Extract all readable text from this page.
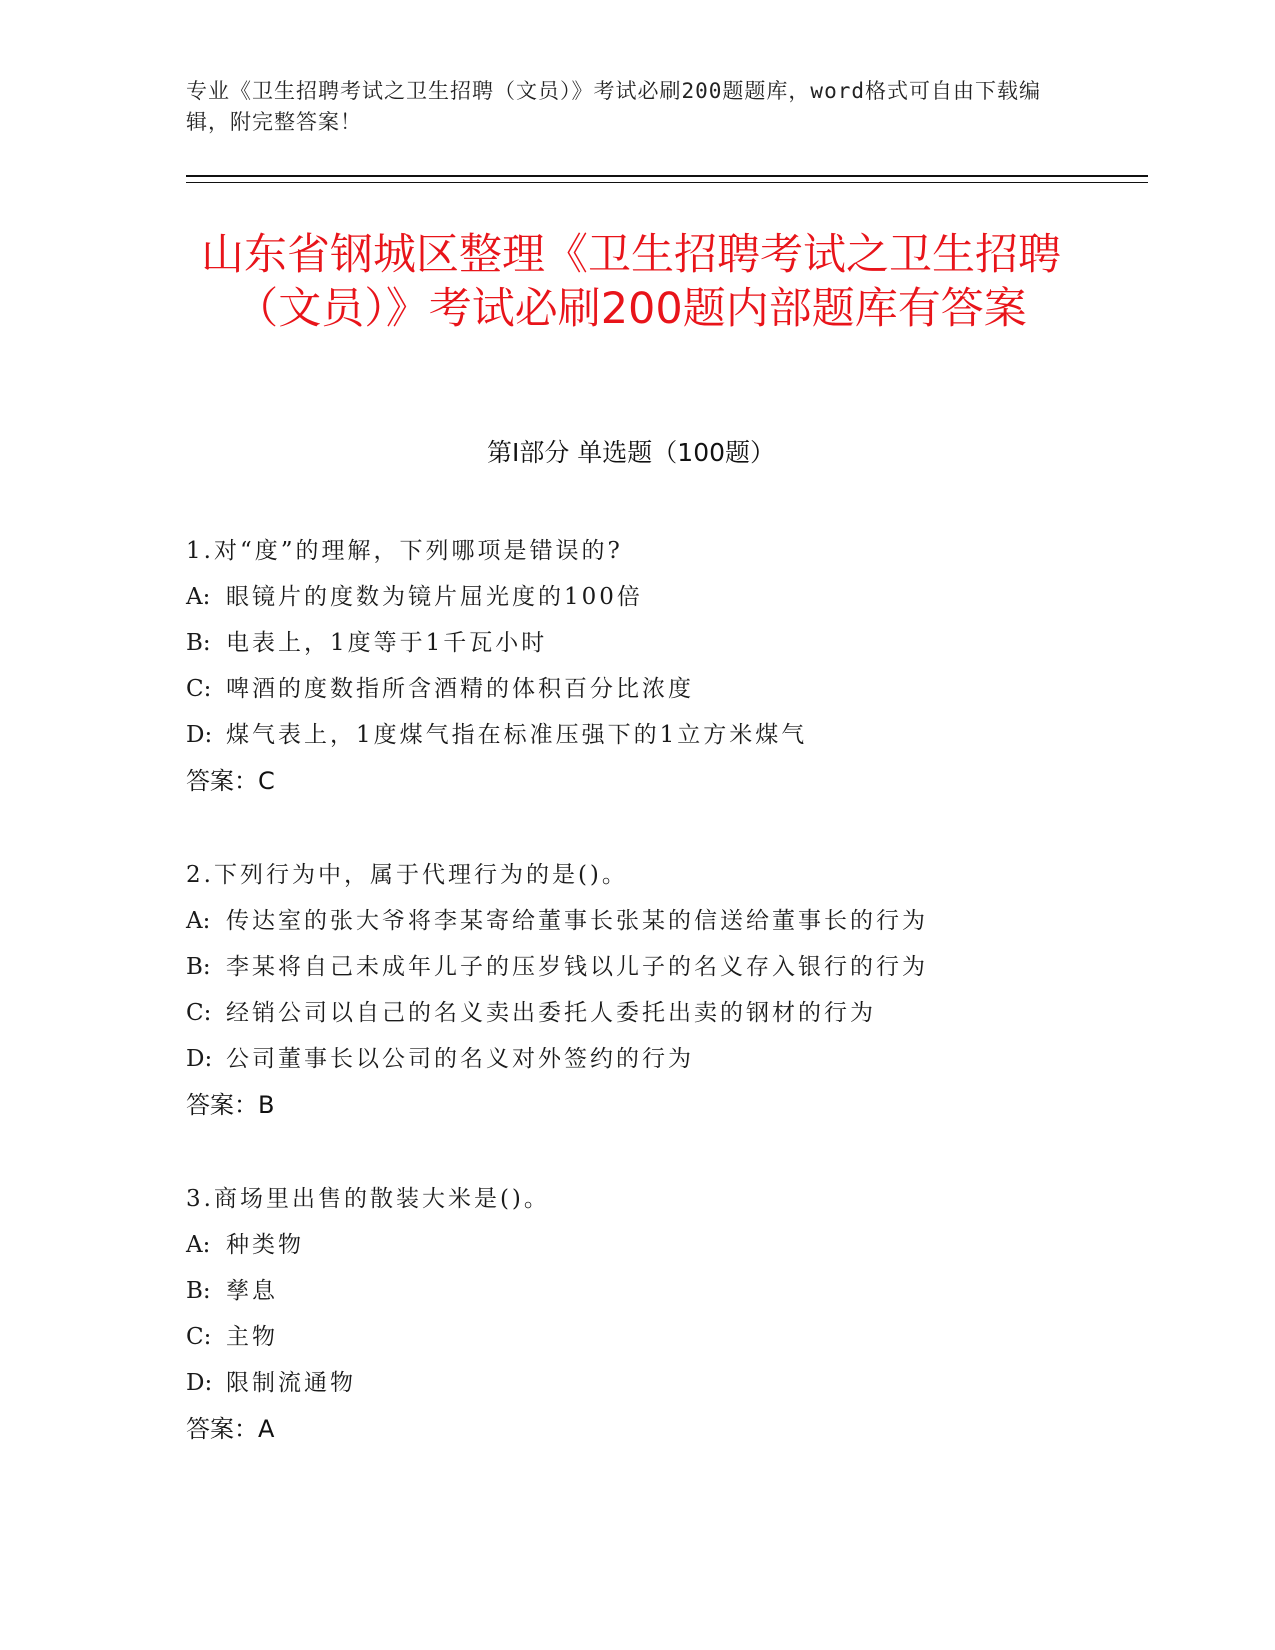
专业《卫生招聘考试之卫生招聘（文员）》考试必刷200题题库，word格式可自由下载编辑，附完整答案！
山东省钢城区整理《卫生招聘考试之卫生招聘（文员）》考试必刷200题内部题库有答案
第I部分 单选题（100题）
1.对“度”的理解，下列哪项是错误的?
A: 眼镜片的度数为镜片屈光度的100倍
B: 电表上，1度等于1千瓦小时
C: 啤酒的度数指所含酒精的体积百分比浓度
D: 煤气表上，1度煤气指在标准压强下的1立方米煤气
答案：C
2.下列行为中，属于代理行为的是()。
A: 传达室的张大爷将李某寄给董事长张某的信送给董事长的行为
B: 李某将自己未成年儿子的压岁钱以儿子的名义存入银行的行为
C: 经销公司以自己的名义卖出委托人委托出卖的钢材的行为
D: 公司董事长以公司的名义对外签约的行为
答案：B
3.商场里出售的散装大米是()。
A: 种类物
B: 孳息
C: 主物
D: 限制流通物
答案：A
